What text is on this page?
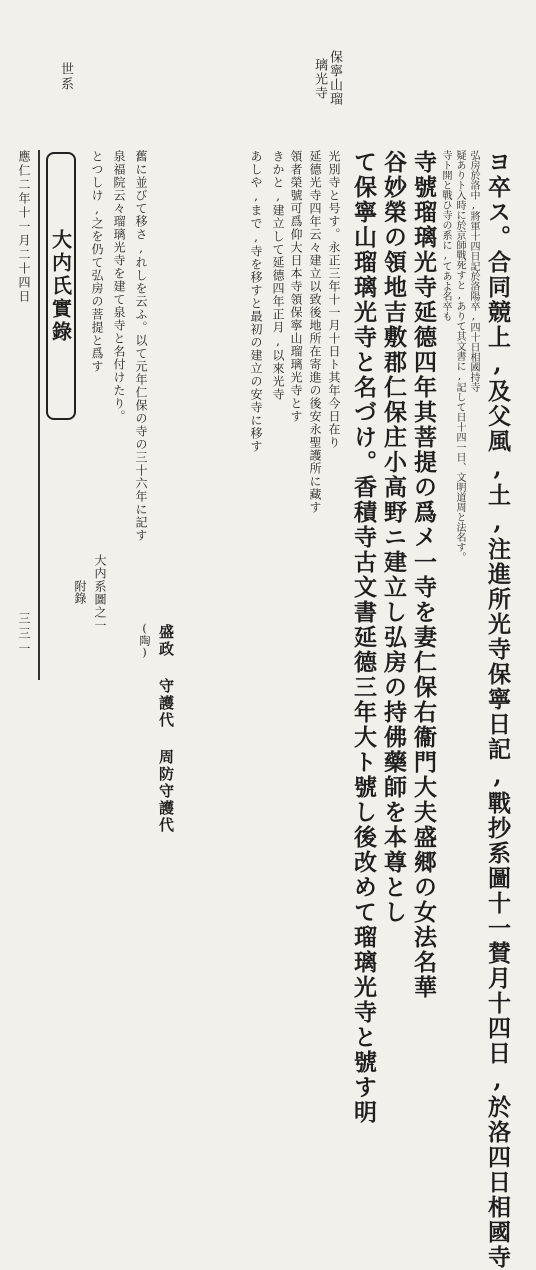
世系	保寧山瑠
璃光寺
應仁二年十一月二十四日
三三一
大内氏實錄	ヨ卒ス。合同競上,及父風,土,注進所光寺保寧日記,戰抄系圖十一賛月十四日,於洛四日相國寺
弘房於洛中,將軍十四日記於洛陽卒,四十日相國持寺
疑ありト入時に於京師戰死すと,ありて其文書に,記して日十四一日、文明道周と法名す。
寺ト開と戰ひ寺の系に,てあよ名卒も
寺號瑠璃光寺延德四年其菩提の爲メ一寺を妻仁保右衞門大夫盛郷の女法名華
谷妙榮の領地吉敷郡仁保庄小高野ニ建立し弘房の持佛藥師を本尊とし
て保寧山瑠璃光寺と名づけ。香積寺古文書延德三年大ト號し後改めて瑠璃光寺と號す明
光別寺と号す。永正三年十一月十日ト其年今日在り
延德光寺四年云々建立以致後地所在寄進の後安永聖護所に藏す
領者榮號可爲仰大日本寺領保寧山瑠璃光寺とす
きかと,建立して延德四年正月,以來光寺
あしや,まで,寺を移すと最初の建立の安寺に移す
舊に並びて移さ,れしを云ふ。以て元年仁保の寺の三十六年に記す
泉福院云々瑠璃光寺を建て泉寺と名付けたり。
とつしけ,之を仍て弘房の菩提と爲す
大内系圖之一
(陶) 盛政 守護代 周防守護代
附錄
